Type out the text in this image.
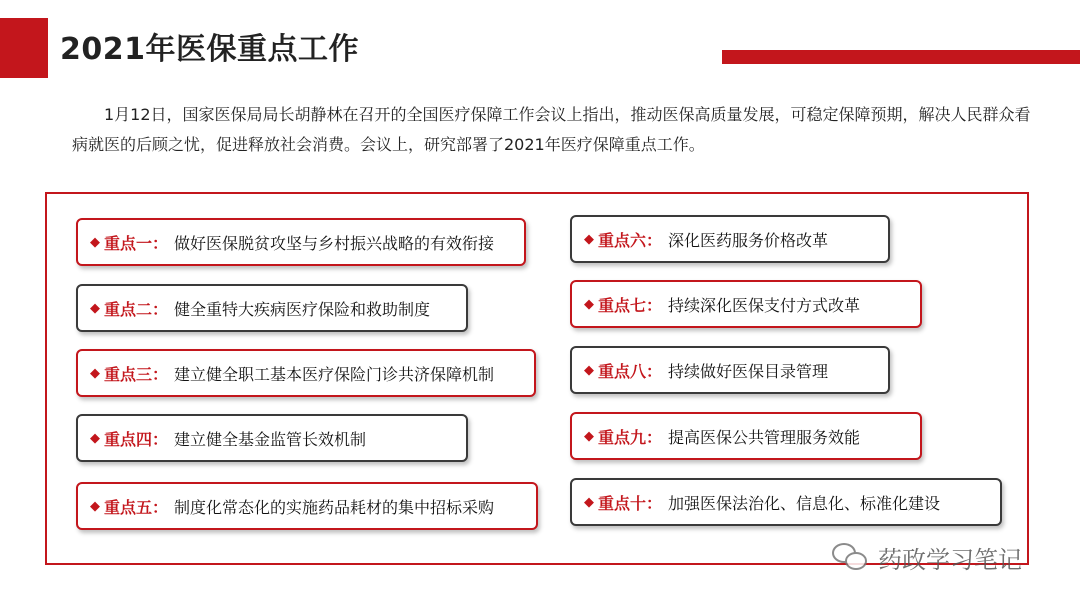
2021年医保重点工作

1月12日，国家医保局局长胡静林在召开的全国医疗保障工作会议上指出，推动医保高质量发展，可稳定保障预期，解决人民群众看病就医的后顾之忧，促进释放社会消费。会议上，研究部署了2021年医疗保障重点工作。

◆ 重点一 ： 做好医保脱贫攻坚与乡村振兴战略的有效衔接
◆ 重点二 ： 健全重特大疾病医疗保险和救助制度
◆ 重点三 ： 建立健全职工基本医疗保险门诊共济保障机制
◆ 重点四 ： 建立健全基金监管长效机制
◆ 重点五 ： 制度化常态化的实施药品耗材的集中招标采购
◆ 重点六 ： 深化医药服务价格改革
◆ 重点七 ： 持续深化医保支付方式改革
◆ 重点八 ： 持续做好医保目录管理
◆ 重点九 ： 提高医保公共管理服务效能
◆ 重点十 ： 加强医保法治化、信息化、标准化建设
药政学习笔记
